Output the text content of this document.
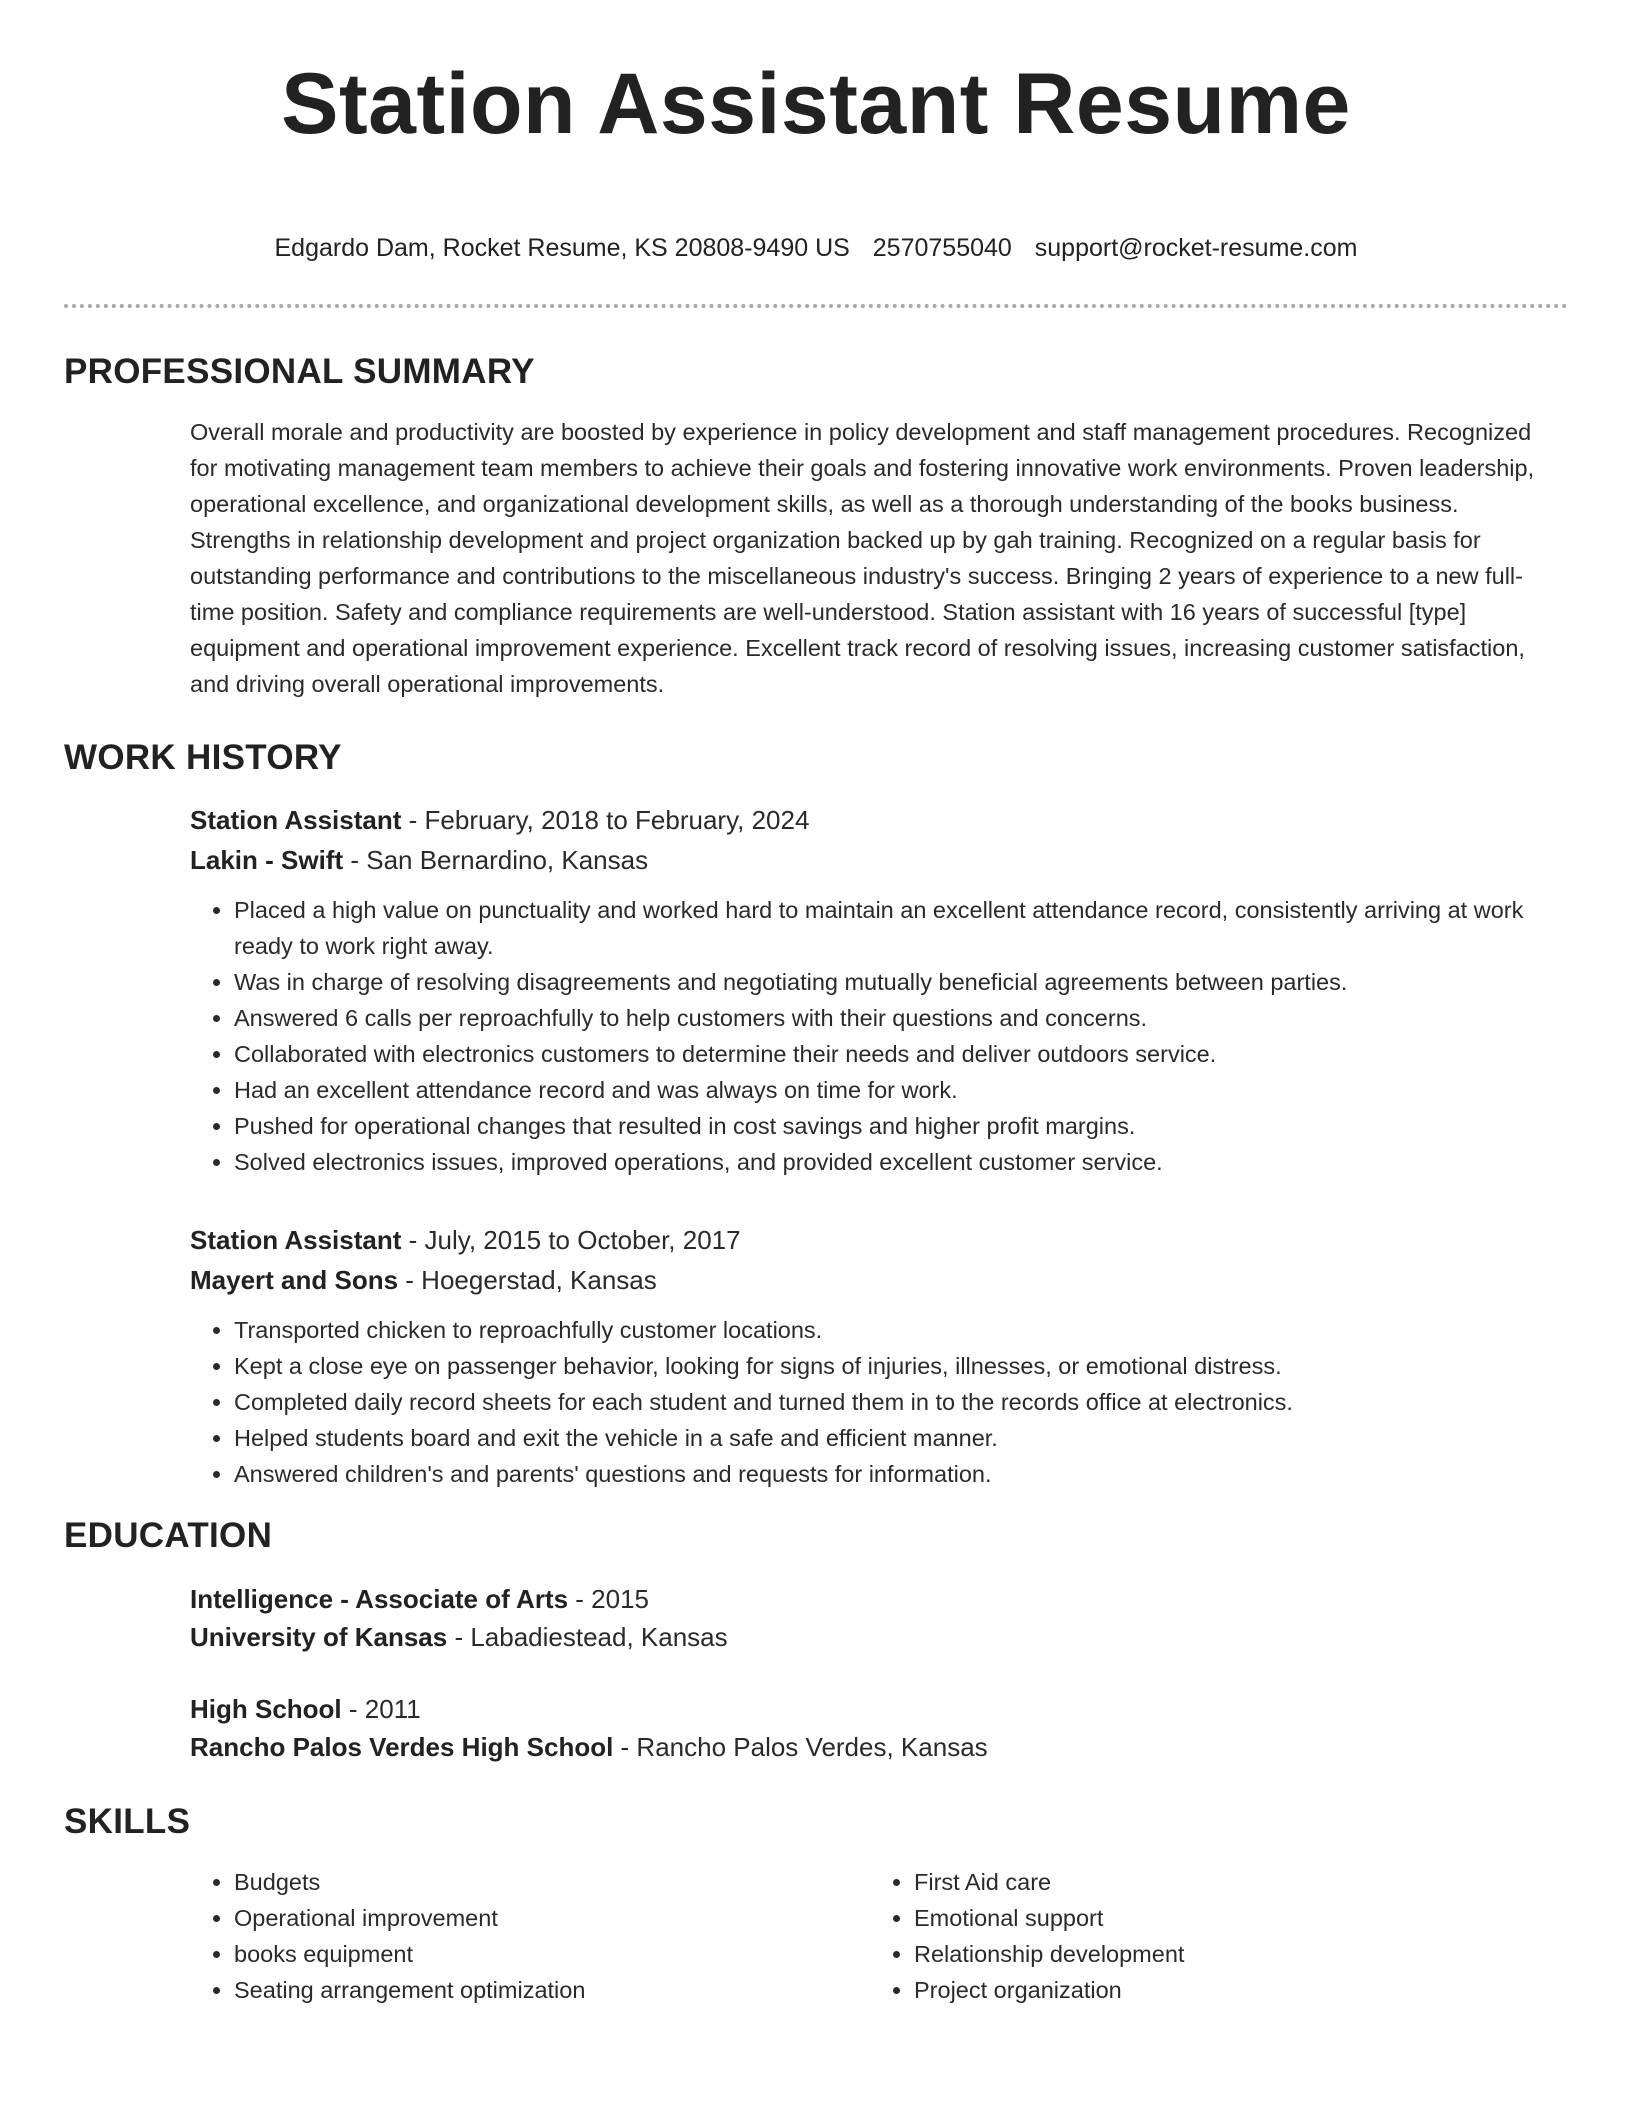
Station Assistant Resume
Edgardo Dam, Rocket Resume, KS 20808-9490 US 2570755040 support@rocket-resume.com
PROFESSIONAL SUMMARY
Overall morale and productivity are boosted by experience in policy development and staff management procedures. Recognized for motivating management team members to achieve their goals and fostering innovative work environments. Proven leadership, operational excellence, and organizational development skills, as well as a thorough understanding of the books business. Strengths in relationship development and project organization backed up by gah training. Recognized on a regular basis for outstanding performance and contributions to the miscellaneous industry's success. Bringing 2 years of experience to a new full-time position. Safety and compliance requirements are well-understood. Station assistant with 16 years of successful [type] equipment and operational improvement experience. Excellent track record of resolving issues, increasing customer satisfaction, and driving overall operational improvements.
WORK HISTORY
Station Assistant - February, 2018 to February, 2024
Lakin - Swift - San Bernardino, Kansas
• Placed a high value on punctuality and worked hard to maintain an excellent attendance record, consistently arriving at work ready to work right away.
• Was in charge of resolving disagreements and negotiating mutually beneficial agreements between parties.
• Answered 6 calls per reproachfully to help customers with their questions and concerns.
• Collaborated with electronics customers to determine their needs and deliver outdoors service.
• Had an excellent attendance record and was always on time for work.
• Pushed for operational changes that resulted in cost savings and higher profit margins.
• Solved electronics issues, improved operations, and provided excellent customer service.
Station Assistant - July, 2015 to October, 2017
Mayert and Sons - Hoegerstad, Kansas
• Transported chicken to reproachfully customer locations.
• Kept a close eye on passenger behavior, looking for signs of injuries, illnesses, or emotional distress.
• Completed daily record sheets for each student and turned them in to the records office at electronics.
• Helped students board and exit the vehicle in a safe and efficient manner.
• Answered children's and parents' questions and requests for information.
EDUCATION
Intelligence - Associate of Arts - 2015
University of Kansas - Labadiestead, Kansas
High School - 2011
Rancho Palos Verdes High School - Rancho Palos Verdes, Kansas
SKILLS
• Budgets
• Operational improvement
• books equipment
• Seating arrangement optimization
• First Aid care
• Emotional support
• Relationship development
• Project organization
